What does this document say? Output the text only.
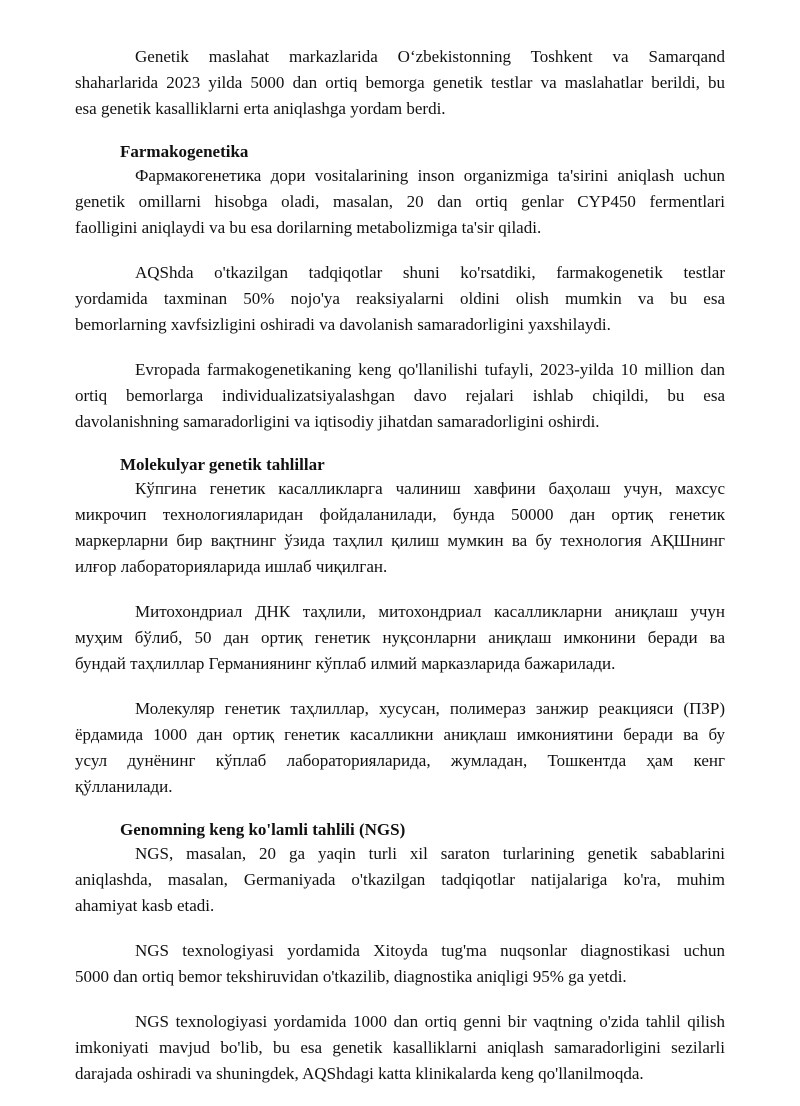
Genetik maslahat markazlarida O‘zbekistonning Toshkent va Samarqand
shaharlarida 2023 yilda 5000 dan ortiq bemorga genetik testlar va maslahatlar berildi, bu
esa genetik kasalliklarni erta aniqlashga yordam berdi.
Farmakogenetika
Фармакогенетика дори vositalarining inson organizmiga ta'sirini aniqlash uchun
genetik omillarni hisobga oladi, masalan, 20 dan ortiq genlar CYP450 fermentlari
faolligini aniqlaydi va bu esa dorilarning metabolizmiga ta'sir qiladi.
AQShda o'tkazilgan tadqiqotlar shuni ko'rsatdiki, farmakogenetik testlar
yordamida taxminan 50% nojo'ya reaksiyalarni oldini olish mumkin va bu esa
bemorlarning xavfsizligini oshiradi va davolanish samaradorligini yaxshilaydi.
Evropada farmakogenetikaning keng qo'llanilishi tufayli, 2023-yilda 10 million dan
ortiq bemorlarga individualizatsiyalashgan davo rejalari ishlab chiqildi, bu esa
davolanishning samaradorligini va iqtisodiy jihatdan samaradorligini oshirdi.
Molekulyar genetik tahlillar
Кўпгина генетик касалликларга чалиниш хавфини баҳолаш учун, махсус
микрочип технологияларидан фойдаланилади, бунда 50000 дан ортиқ генетик
маркерларни бир вақтнинг ўзида таҳлил қилиш мумкин ва бу технология АҚШнинг
илғор лабораторияларида ишлаб чиқилган.
Митохондриал ДНК таҳлили, митохондриал касалликларни аниқлаш учун
муҳим бўлиб, 50 дан ортиқ генетик нуқсонларни аниқлаш имконини беради ва
бундай таҳлиллар Германиянинг кўплаб илмий марказларида бажарилади.
Молекуляр генетик таҳлиллар, хусусан, полимераз занжир реакцияси (ПЗР)
ёрдамида 1000 дан ортиқ генетик касалликни аниқлаш имкониятини беради ва бу
усул дунёнинг кўплаб лабораторияларида, жумладан, Тошкентда ҳам кенг
қўлланилади.
Genomning keng ko'lamli tahlili (NGS)
NGS, masalan, 20 ga yaqin turli xil saraton turlarining genetik sabablarini
aniqlashda, masalan, Germaniyada o'tkazilgan tadqiqotlar natijalariga ko'ra, muhim
ahamiyat kasb etadi.
NGS texnologiyasi yordamida Xitoyda tug'ma nuqsonlar diagnostikasi uchun
5000 dan ortiq bemor tekshiruvidan o'tkazilib, diagnostika aniqligi 95% ga yetdi.
NGS texnologiyasi yordamida 1000 dan ortiq genni bir vaqtning o'zida tahlil qilish
imkoniyati mavjud bo'lib, bu esa genetik kasalliklarni aniqlash samaradorligini sezilarli
darajada oshiradi va shuningdek, AQShdagi katta klinikalarda keng qo'llanilmoqda.
